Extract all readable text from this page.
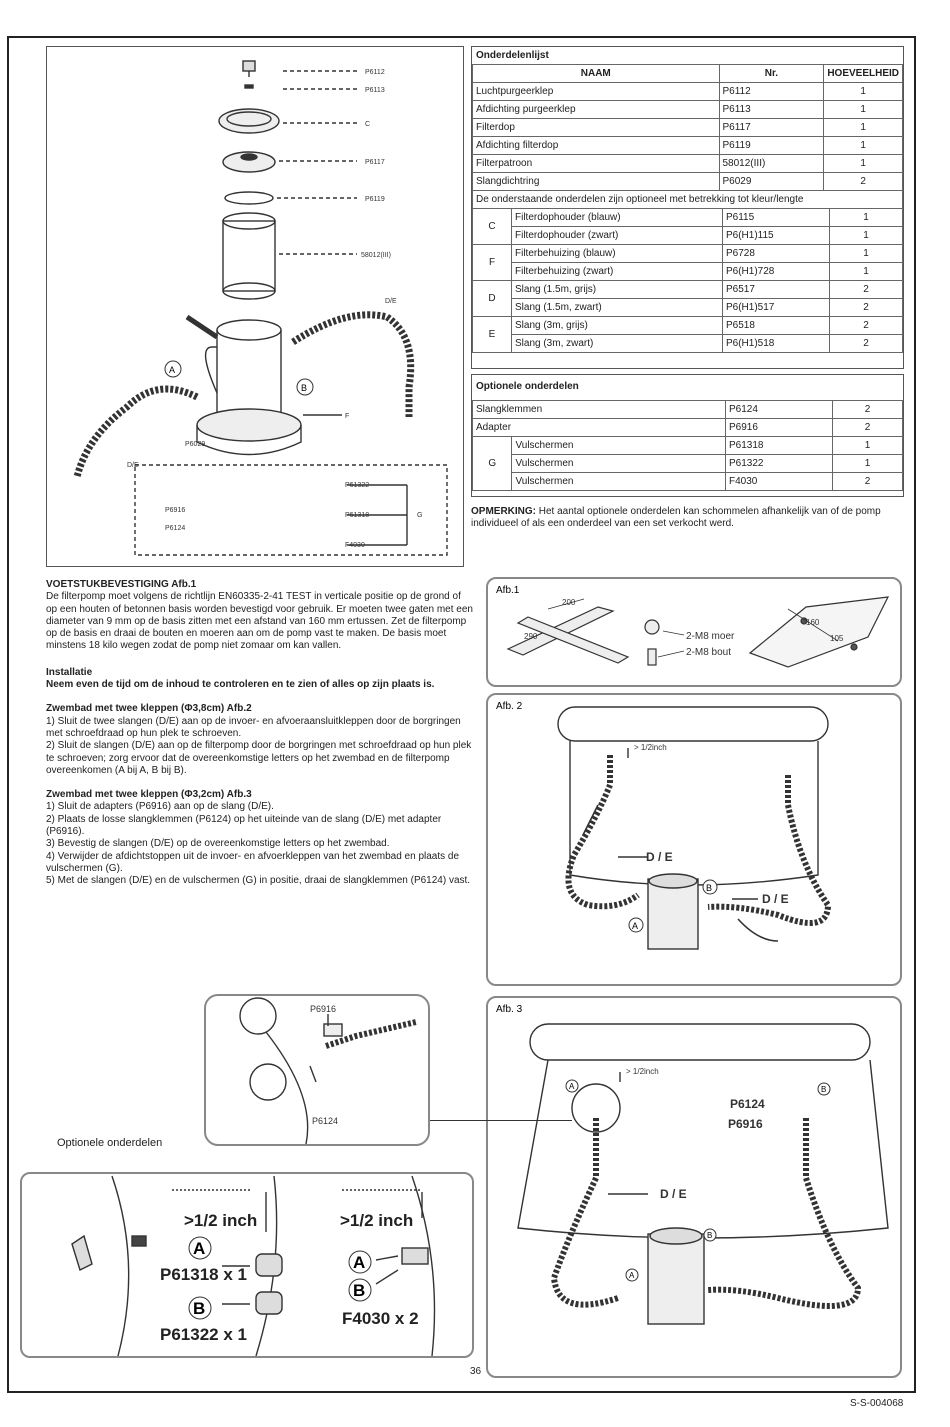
P6112
P6113
C
P6117
P6119
58012(III)
D/E
D/E
P6029
F
P61322
P61318
F4030
P6916
P6124
G
A
B
Onderdelenlijst
NAAM	Nr.	HOEVEELHEID
Luchtpurgeerklep	P6112	1
Afdichting purgeerklep	P6113	1
Filterdop	P6117	1
Afdichting filterdop	P6119	1
Filterpatroon	58012(III)	1
Slangdichtring	P6029	2
De onderstaande onderdelen zijn optioneel met betrekking tot kleur/lengte		
C	Filterdophouder (blauw)	P6115	1
	Filterdophouder (zwart)	P6(H1)115	1
F	Filterbehuizing (blauw)	P6728	1
	Filterbehuizing (zwart)	P6(H1)728	1
D	Slang (1.5m, grijs)	P6517	2
	Slang (1.5m, zwart)	P6(H1)517	2
E	Slang (3m, grijs)	P6518	2
	Slang (3m, zwart)	P6(H1)518	2
Optionele onderdelen
Slangklemmen		P6124	2
Adapter		P6916	2
G	Vulschermen	P61318	1
	Vulschermen	P61322	1
	Vulschermen	F4030	2
OPMERKING: Het aantal optionele onderdelen kan schommelen afhankelijk van of de pomp individueel of als een onderdeel van een set verkocht werd.
VOETSTUKBEVESTIGING Afb.1
De filterpomp moet volgens de richtlijn EN60335-2-41 TEST in verticale positie op de grond of op een houten of betonnen basis worden bevestigd voor gebruik. Er moeten twee gaten met een diameter van 9 mm op de basis zitten met een afstand van 160 mm ertussen. Zet de filterpomp op de basis en draai de bouten en moeren aan om de pomp vast te maken. De basis moet minstens 18 kilo wegen zodat de pomp niet zomaar om kan vallen.
Installatie
Neem even de tijd om de inhoud te controleren en te zien of alles op zijn plaats is.
Zwembad met twee kleppen (Φ3,8cm) Afb.2
1) Sluit de twee slangen (D/E) aan op de invoer- en afvoeraansluitkleppen door de borgringen met schroefdraad op hun plek te schroeven.
2) Sluit de slangen (D/E) aan op de filterpomp door de borgringen met schroefdraad op hun plek te schroeven; zorg ervoor dat de overeenkomstige letters op het zwembad en de filterpomp overeenkomen (A bij A, B bij B).
Zwembad met twee kleppen (Φ3,2cm) Afb.3
1) Sluit de adapters (P6916) aan op de slang (D/E).
2) Plaats de losse slangklemmen (P6124) op het uiteinde van de slang (D/E) met adapter (P6916).
3) Bevestig de slangen (D/E) op de overeenkomstige letters op het zwembad.
4) Verwijder de afdichtstoppen uit de invoer- en afvoerkleppen van het zwembad en plaats de vulschermen (G).
5) Met de slangen (D/E) en de vulschermen (G) in positie, draai de slangklemmen (P6124) vast.
Afb.1
200
290
160
105
2-M8 moer
2-M8 bout
Afb. 2
> 1/2inch
D / E
D / E
A
B
Afb. 3
> 1/2inch
D / E
P6124
P6916
A	B
A
B
P6916
P6124
Optionele onderdelen
>1/2 inch	>1/2 inch
P61318 x 1
P61322 x 1
F4030 x 2
A
B
A
B
36
S-S-004068
